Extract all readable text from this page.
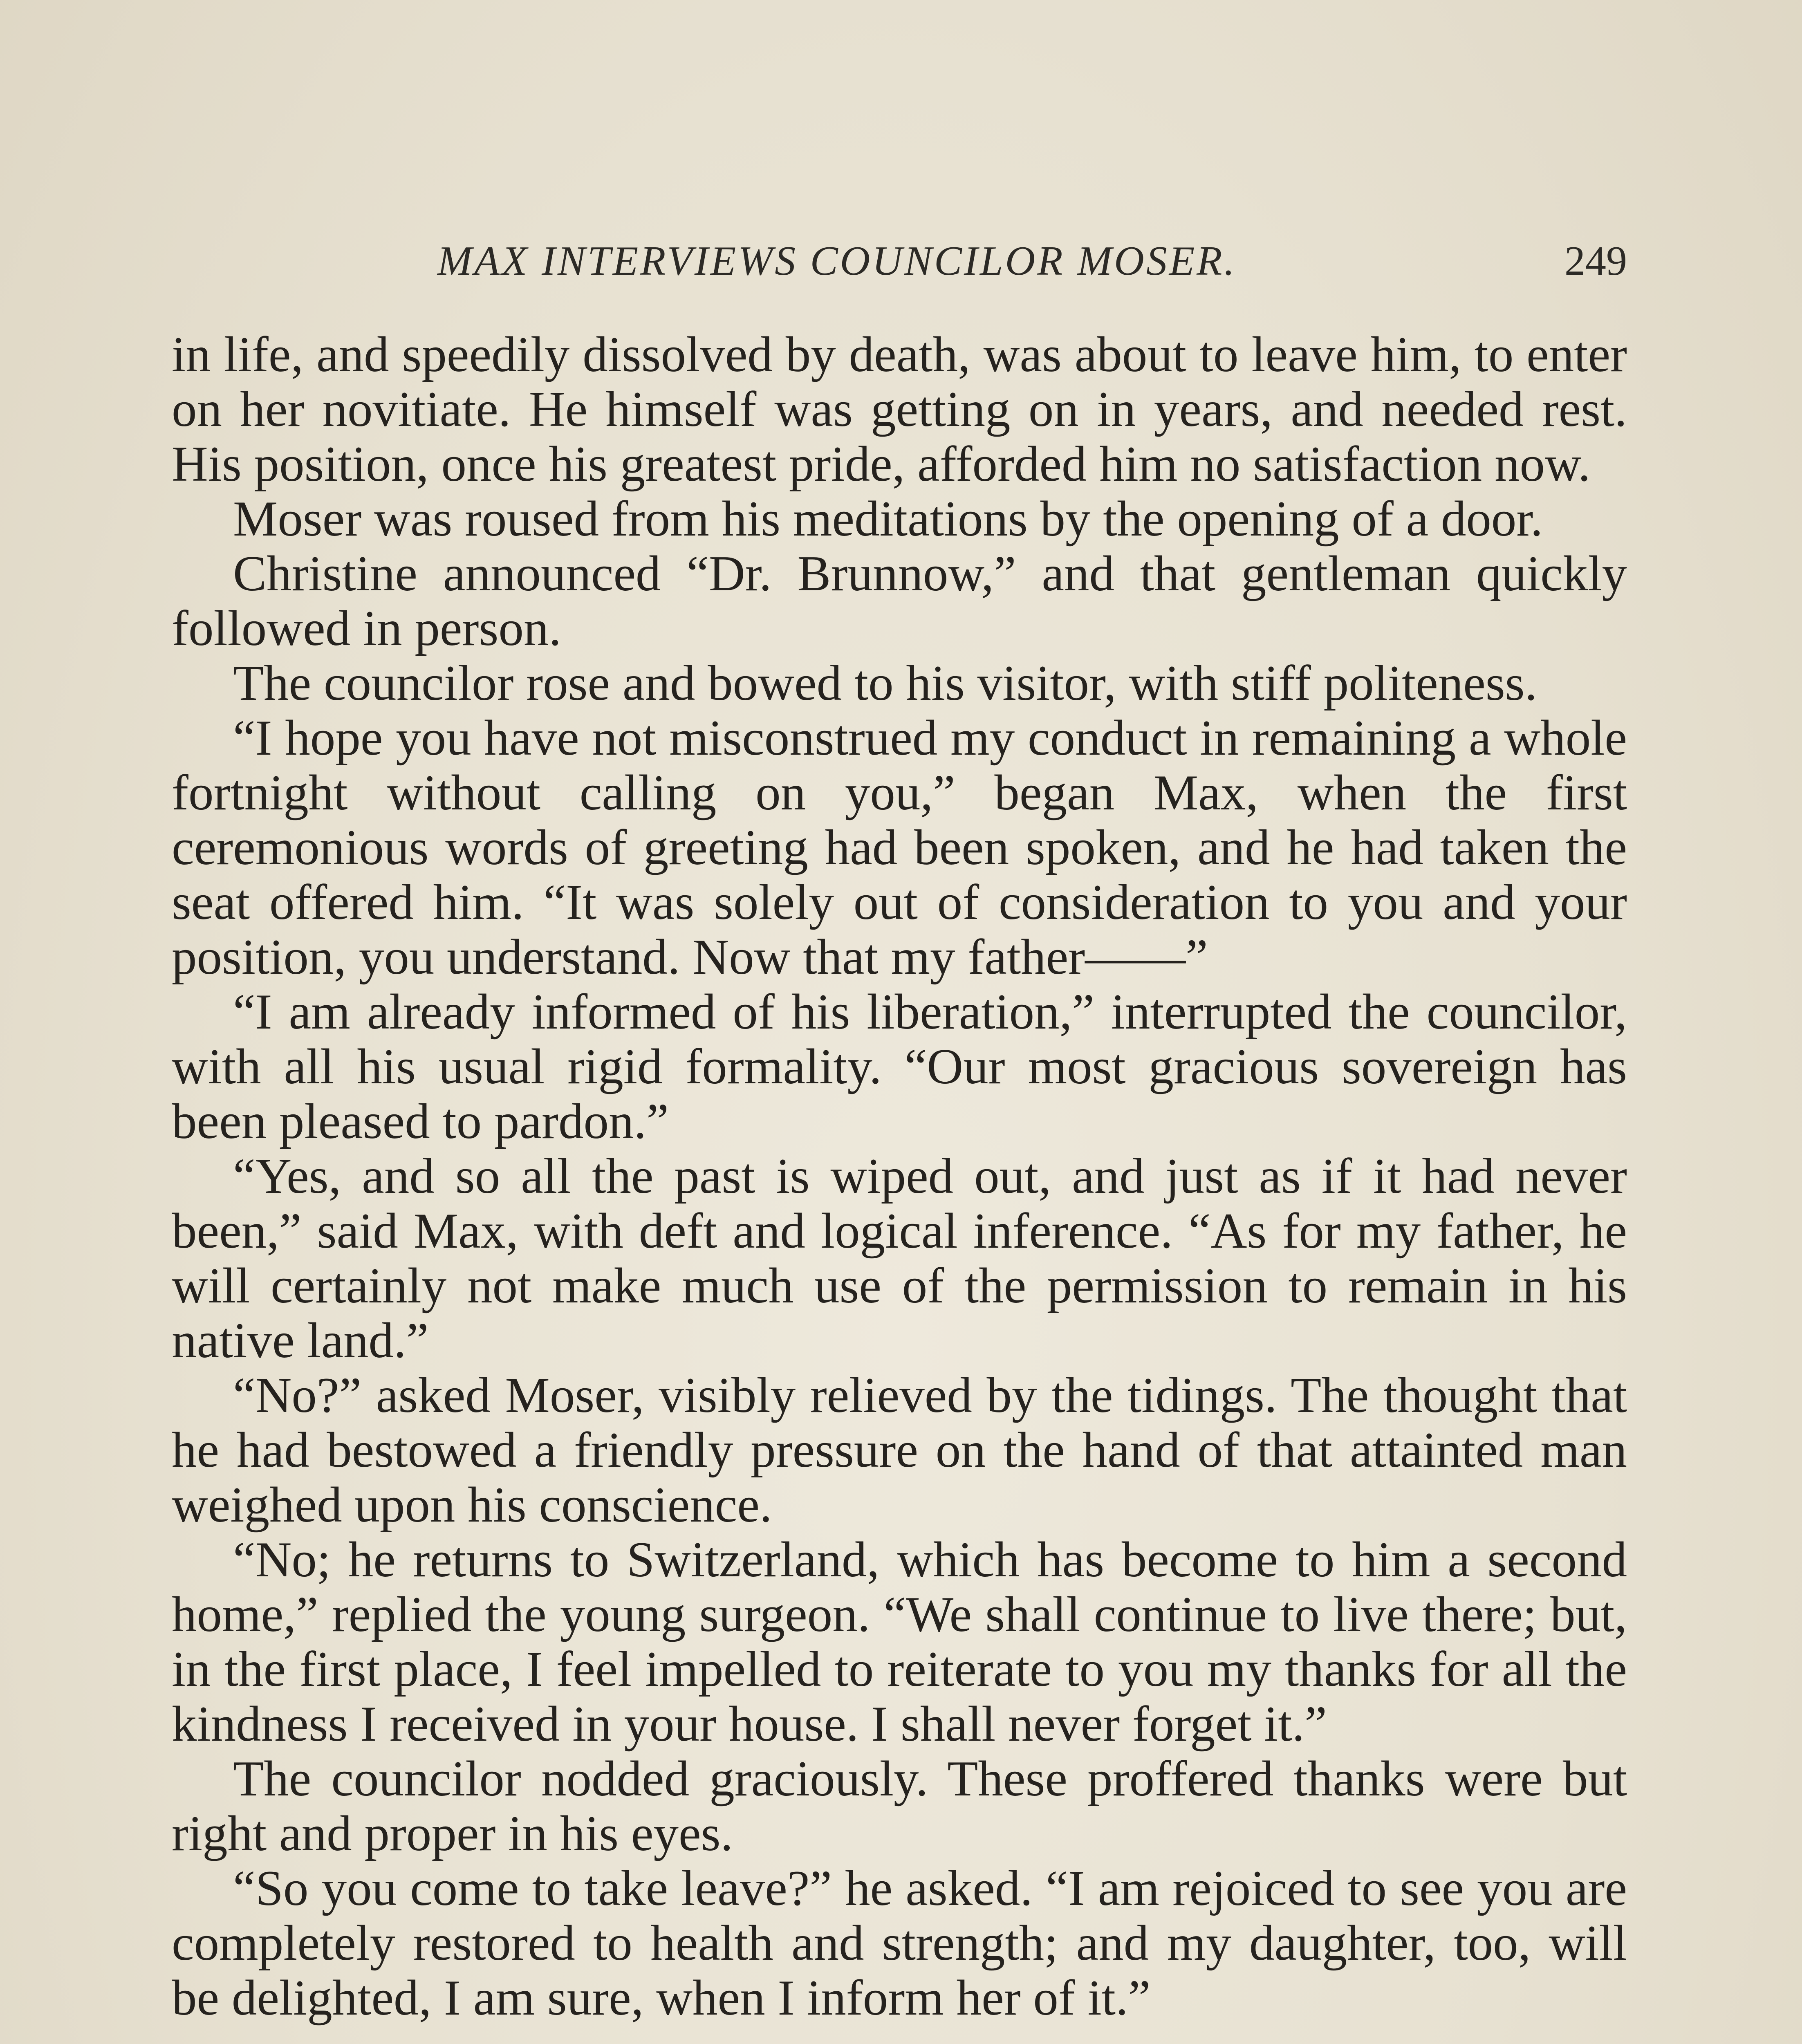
MAX INTERVIEWS COUNCILOR MOSER.	249

in life, and speedily dissolved by death, was about to leave him, to enter on her novitiate. He himself was getting on in years, and needed rest. His position, once his greatest pride, afforded him no satisfaction now.

Moser was roused from his meditations by the opening of a door.

Christine announced “Dr. Brunnow,” and that gentleman quickly followed in person.

The councilor rose and bowed to his visitor, with stiff politeness.

“I hope you have not misconstrued my conduct in remaining a whole fortnight without calling on you,” began Max, when the first ceremonious words of greeting had been spoken, and he had taken the seat offered him. “It was solely out of consideration to you and your position, you understand. Now that my father——”

“I am already informed of his liberation,” interrupted the councilor, with all his usual rigid formality. “Our most gracious sovereign has been pleased to pardon.”

“Yes, and so all the past is wiped out, and just as if it had never been,” said Max, with deft and logical inference. “As for my father, he will certainly not make much use of the permission to remain in his native land.”

“No?” asked Moser, visibly relieved by the tidings. The thought that he had bestowed a friendly pressure on the hand of that attainted man weighed upon his conscience.

“No; he returns to Switzerland, which has become to him a second home,” replied the young surgeon. “We shall continue to live there; but, in the first place, I feel impelled to reiterate to you my thanks for all the kindness I received in your house. I shall never forget it.”

The councilor nodded graciously. These proffered thanks were but right and proper in his eyes.

“So you come to take leave?” he asked. “I am rejoiced to see you are completely restored to health and strength; and my daughter, too, will be delighted, I am sure, when I inform her of it.”
